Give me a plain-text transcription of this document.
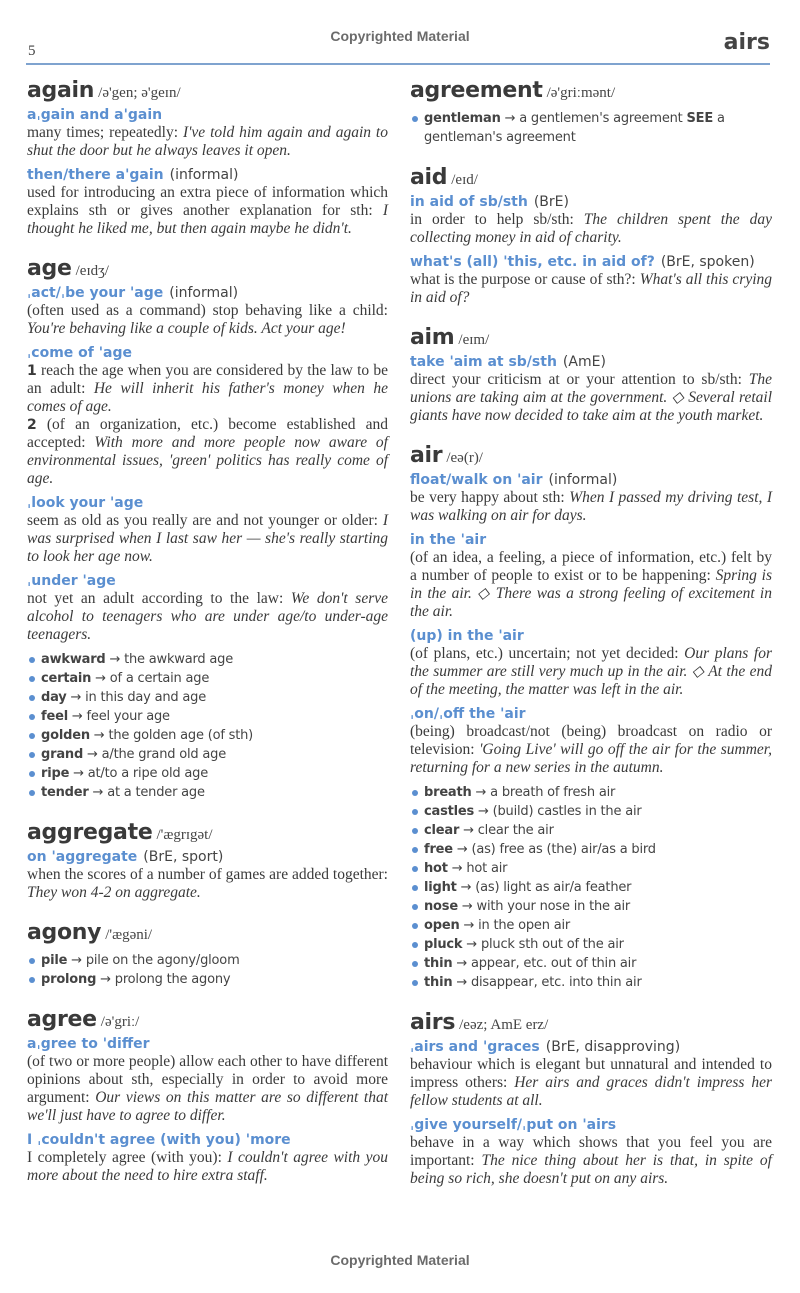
Copyrighted Material
5	airs
again /ə'gen; ə'geɪn/
aˌgain and a'gain
many times; repeatedly: I've told him again and again to shut the door but he always leaves it open.
then/there a'gain (informal)
used for introducing an extra piece of information which explains sth or gives another explanation for sth: I thought he liked me, but then again maybe he didn't.
age /eɪdʒ/
ˌact/ˌbe your 'age (informal)
(often used as a command) stop behaving like a child: You're behaving like a couple of kids. Act your age!
ˌcome of 'age
1 reach the age when you are considered by the law to be an adult: He will inherit his father's money when he comes of age.
2 (of an organization, etc.) become established and accepted: With more and more people now aware of environmental issues, 'green' politics has really come of age.
ˌlook your 'age
seem as old as you really are and not younger or older: I was surprised when I last saw her — she's really starting to look her age now.
ˌunder 'age
not yet an adult according to the law: We don't serve alcohol to teenagers who are under age/to under-age teenagers.
awkward → the awkward age
certain → of a certain age
day → in this day and age
feel → feel your age
golden → the golden age (of sth)
grand → a/the grand old age
ripe → at/to a ripe old age
tender → at a tender age
aggregate /'ægrɪgət/
on 'aggregate (BrE, sport)
when the scores of a number of games are added together: They won 4-2 on aggregate.
agony /'ægəni/
pile → pile on the agony/gloom
prolong → prolong the agony
agree /ə'griː/
aˌgree to 'differ
(of two or more people) allow each other to have different opinions about sth, especially in order to avoid more argument: Our views on this matter are so different that we'll just have to agree to differ.
I ˌcouldn't agree (with you) 'more
I completely agree (with you): I couldn't agree with you more about the need to hire extra staff.
agreement /ə'griːmənt/
gentleman → a gentlemen's agreement SEE a gentleman's agreement
aid /eɪd/
in aid of sb/sth (BrE)
in order to help sb/sth: The children spent the day collecting money in aid of charity.
what's (all) 'this, etc. in aid of? (BrE, spoken)
what is the purpose or cause of sth?: What's all this crying in aid of?
aim /eɪm/
take 'aim at sb/sth (AmE)
direct your criticism at or your attention to sb/sth: The unions are taking aim at the government. ◇ Several retail giants have now decided to take aim at the youth market.
air /eə(r)/
float/walk on 'air (informal)
be very happy about sth: When I passed my driving test, I was walking on air for days.
in the 'air
(of an idea, a feeling, a piece of information, etc.) felt by a number of people to exist or to be happening: Spring is in the air. ◇ There was a strong feeling of excitement in the air.
(up) in the 'air
(of plans, etc.) uncertain; not yet decided: Our plans for the summer are still very much up in the air. ◇ At the end of the meeting, the matter was left in the air.
ˌon/ˌoff the 'air
(being) broadcast/not (being) broadcast on radio or television: 'Going Live' will go off the air for the summer, returning for a new series in the autumn.
breath → a breath of fresh air
castles → (build) castles in the air
clear → clear the air
free → (as) free as (the) air/as a bird
hot → hot air
light → (as) light as air/a feather
nose → with your nose in the air
open → in the open air
pluck → pluck sth out of the air
thin → appear, etc. out of thin air
thin → disappear, etc. into thin air
airs /eəz; AmE erz/
ˌairs and 'graces (BrE, disapproving)
behaviour which is elegant but unnatural and intended to impress others: Her airs and graces didn't impress her fellow students at all.
ˌgive yourself/ˌput on 'airs
behave in a way which shows that you feel you are important: The nice thing about her is that, in spite of being so rich, she doesn't put on any airs.
Copyrighted Material
